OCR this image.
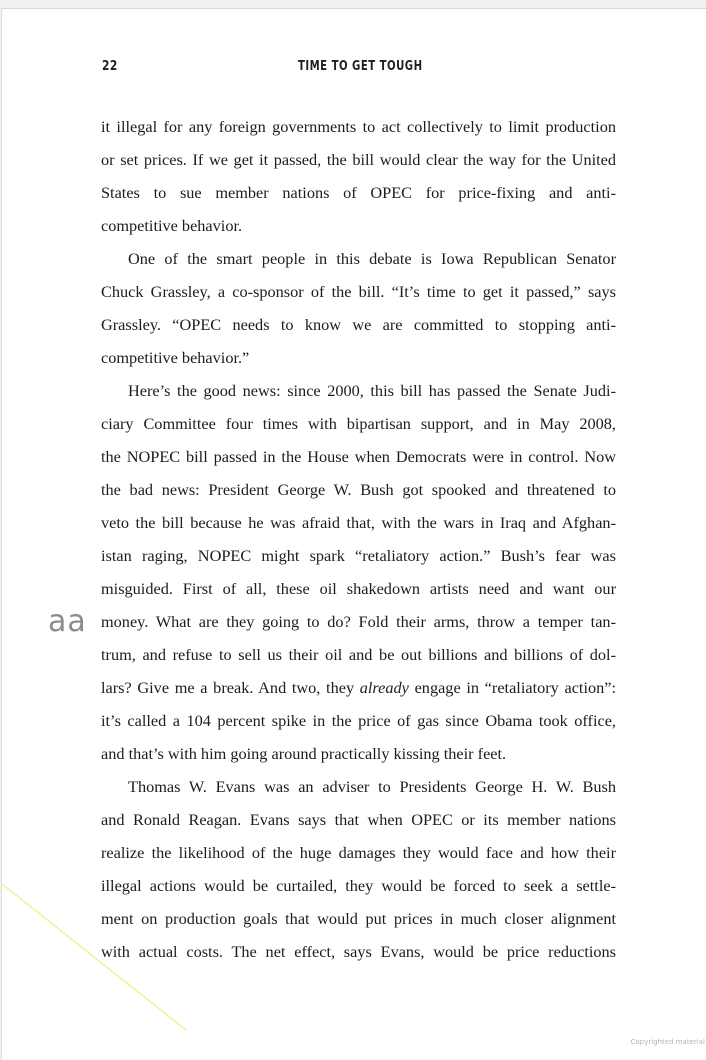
22	TIME TO GET TOUGH
it illegal for any foreign governments to act collectively to limit production
or set prices. If we get it passed, the bill would clear the way for the United
States to sue member nations of OPEC for price-fixing and anti-
competitive behavior.
One of the smart people in this debate is Iowa Republican Senator
Chuck Grassley, a co-sponsor of the bill. “It’s time to get it passed,” says
Grassley. “OPEC needs to know we are committed to stopping anti-
competitive behavior.”
Here’s the good news: since 2000, this bill has passed the Senate Judi-
ciary Committee four times with bipartisan support, and in May 2008,
the NOPEC bill passed in the House when Democrats were in control. Now
the bad news: President George W. Bush got spooked and threatened to
veto the bill because he was afraid that, with the wars in Iraq and Afghan-
istan raging, NOPEC might spark “retaliatory action.” Bush’s fear was
misguided. First of all, these oil shakedown artists need and want our
money. What are they going to do? Fold their arms, throw a temper tan-
trum, and refuse to sell us their oil and be out billions and billions of dol-
lars? Give me a break. And two, they already engage in “retaliatory action”:
it’s called a 104 percent spike in the price of gas since Obama took office,
and that’s with him going around practically kissing their feet.
Thomas W. Evans was an adviser to Presidents George H. W. Bush
and Ronald Reagan. Evans says that when OPEC or its member nations
realize the likelihood of the huge damages they would face and how their
illegal actions would be curtailed, they would be forced to seek a settle-
ment on production goals that would put prices in much closer alignment
with actual costs. The net effect, says Evans, would be price reductions
aa
Copyrighted material
